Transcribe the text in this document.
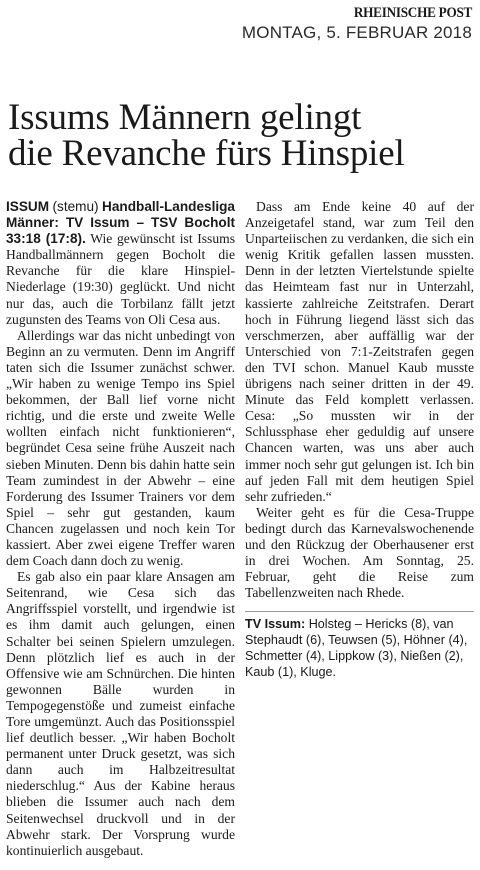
RHEINISCHE POST
MONTAG, 5. FEBRUAR 2018
Issums Männern gelingt
die Revanche fürs Hinspiel

ISSUM (stemu) Handball-Landesliga Männer: TV Issum – TSV Bocholt 33:18 (17:8). Wie gewünscht ist Issums Handballmännern gegen Bocholt die Revanche für die klare Hinspiel-Niederlage (19:30) geglückt. Und nicht nur das, auch die Torbilanz fällt jetzt zugunsten des Teams von Oli Cesa aus.

Allerdings war das nicht unbedingt von Beginn an zu vermuten. Denn im Angriff taten sich die Issumer zunächst schwer. „Wir haben zu wenige Tempo ins Spiel bekommen, der Ball lief vorne nicht richtig, und die erste und zweite Welle wollten einfach nicht funktionieren“, begründet Cesa seine frühe Auszeit nach sieben Minuten. Denn bis dahin hatte sein Team zumindest in der Abwehr – eine Forderung des Issumer Trainers vor dem Spiel – sehr gut gestanden, kaum Chancen zugelassen und noch kein Tor kassiert. Aber zwei eigene Treffer waren dem Coach dann doch zu wenig.

Es gab also ein paar klare Ansagen am Seitenrand, wie Cesa sich das Angriffsspiel vorstellt, und irgendwie ist es ihm damit auch gelungen, einen Schalter bei seinen Spielern umzulegen. Denn plötzlich lief es auch in der Offensive wie am Schnürchen. Die hinten gewonnen Bälle wurden in Tempogegenstöße und zumeist einfache Tore umgemünzt. Auch das Positionsspiel lief deutlich besser. „Wir haben Bocholt permanent unter Druck gesetzt, was sich dann auch im Halbzeitresultat niederschlug.“ Aus der Kabine heraus blieben die Issumer auch nach dem Seitenwechsel druckvoll und in der Abwehr stark. Der Vorsprung wurde kontinuierlich ausgebaut.

Dass am Ende keine 40 auf der Anzeigetafel stand, war zum Teil den Unparteiischen zu verdanken, die sich ein wenig Kritik gefallen lassen mussten. Denn in der letzten Viertelstunde spielte das Heimteam fast nur in Unterzahl, kassierte zahlreiche Zeitstrafen. Derart hoch in Führung liegend lässt sich das verschmerzen, aber auffällig war der Unterschied von 7:1-Zeitstrafen gegen den TVI schon. Manuel Kaub musste übrigens nach seiner dritten in der 49. Minute das Feld komplett verlassen. Cesa: „So mussten wir in der Schlussphase eher geduldig auf unsere Chancen warten, was uns aber auch immer noch sehr gut gelungen ist. Ich bin auf jeden Fall mit dem heutigen Spiel sehr zufrieden.“

Weiter geht es für die Cesa-Truppe bedingt durch das Karnevalswochenende und den Rückzug der Oberhausener erst in drei Wochen. Am Sonntag, 25. Februar, geht die Reise zum Tabellenzweiten nach Rhede.

TV Issum: Holsteg – Hericks (8), van Stephaudt (6), Teuwsen (5), Höhner (4), Schmetter (4), Lippkow (3), Nießen (2), Kaub (1), Kluge.
